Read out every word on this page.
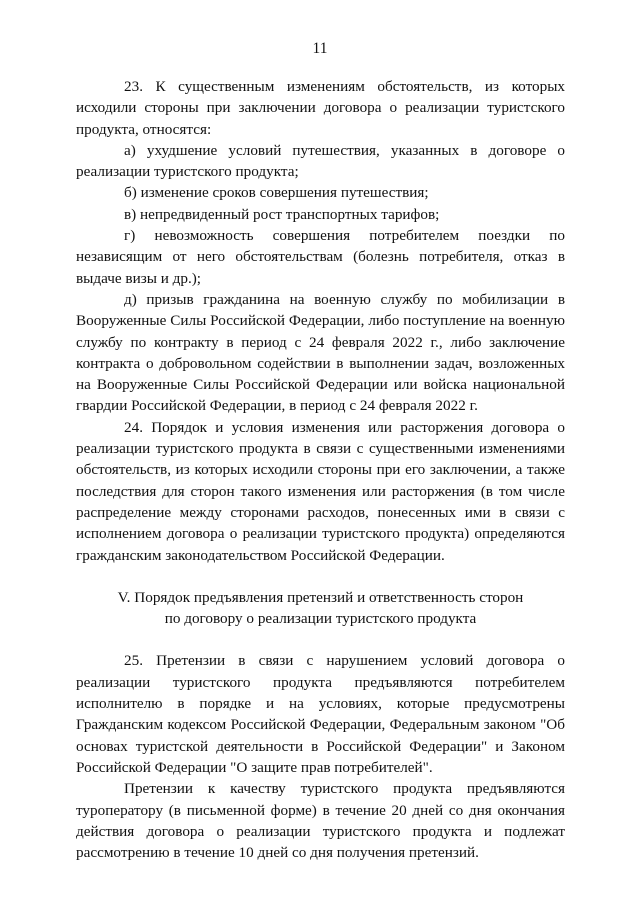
11

23. К существенным изменениям обстоятельств, из которых исходили стороны при заключении договора о реализации туристского продукта, относятся:

а) ухудшение условий путешествия, указанных в договоре о реализации туристского продукта;

б) изменение сроков совершения путешествия;

в) непредвиденный рост транспортных тарифов;

г) невозможность совершения потребителем поездки по независящим от него обстоятельствам (болезнь потребителя, отказ в выдаче визы и др.);

д) призыв гражданина на военную службу по мобилизации в Вооруженные Силы Российской Федерации, либо поступление на военную службу по контракту в период с 24 февраля 2022 г., либо заключение контракта о добровольном содействии в выполнении задач, возложенных на Вооруженные Силы Российской Федерации или войска национальной гвардии Российской Федерации, в период с 24 февраля 2022 г.

24. Порядок и условия изменения или расторжения договора о реализации туристского продукта в связи с существенными изменениями обстоятельств, из которых исходили стороны при его заключении, а также последствия для сторон такого изменения или расторжения (в том числе распределение между сторонами расходов, понесенных ими в связи с исполнением договора о реализации туристского продукта) определяются гражданским законодательством Российской Федерации.

V. Порядок предъявления претензий и ответственность сторон
по договору о реализации туристского продукта

25. Претензии в связи с нарушением условий договора о реализации туристского продукта предъявляются потребителем исполнителю в порядке и на условиях, которые предусмотрены Гражданским кодексом Российской Федерации, Федеральным законом "Об основах туристской деятельности в Российской Федерации" и Законом Российской Федерации "О защите прав потребителей".

Претензии к качеству туристского продукта предъявляются туроператору (в письменной форме) в течение 20 дней со дня окончания действия договора о реализации туристского продукта и подлежат рассмотрению в течение 10 дней со дня получения претензий.
